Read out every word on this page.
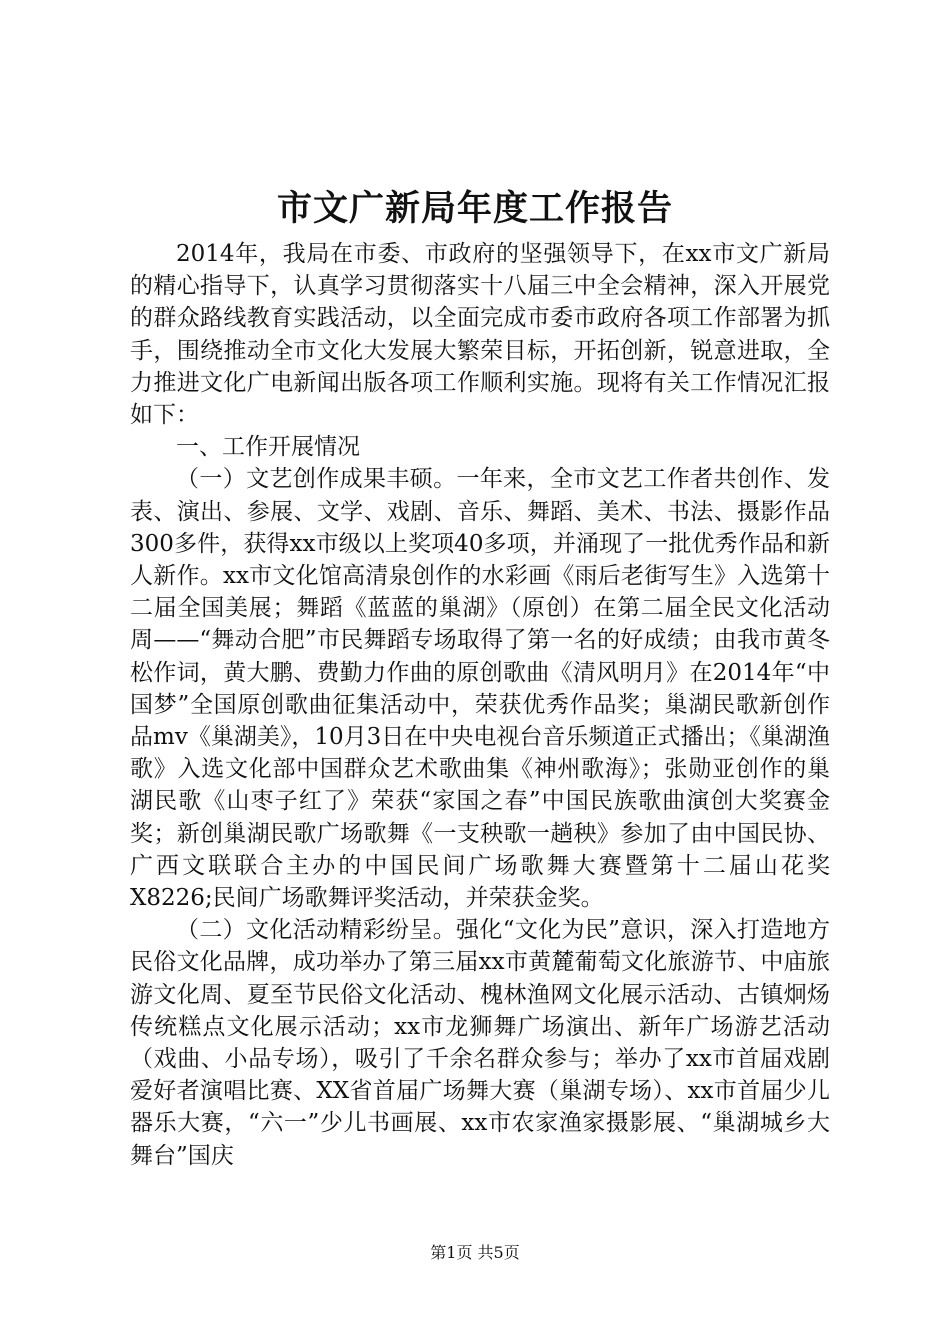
市文广新局年度工作报告

2014年，我局在市委、市政府的坚强领导下，在xx市文广新局的精心指导下，认真学习贯彻落实十八届三中全会精神，深入开展党的群众路线教育实践活动，以全面完成市委市政府各项工作部署为抓手，围绕推动全市文化大发展大繁荣目标，开拓创新，锐意进取，全力推进文化广电新闻出版各项工作顺利实施。现将有关工作情况汇报如下：

一、工作开展情况

（一）文艺创作成果丰硕。一年来，全市文艺工作者共创作、发表、演出、参展、文学、戏剧、音乐、舞蹈、美术、书法、摄影作品300多件，获得xx市级以上奖项40多项，并涌现了一批优秀作品和新人新作。xx市文化馆高清泉创作的水彩画《雨后老街写生》入选第十二届全国美展；舞蹈《蓝蓝的巢湖》（原创）在第二届全民文化活动周——“舞动合肥”市民舞蹈专场取得了第一名的好成绩；由我市黄冬松作词，黄大鹏、费勤力作曲的原创歌曲《清风明月》在2014年“中国梦”全国原创歌曲征集活动中，荣获优秀作品奖；巢湖民歌新创作品mv《巢湖美》，10月3日在中央电视台音乐频道正式播出；《巢湖渔歌》入选文化部中国群众艺术歌曲集《神州歌海》；张勋亚创作的巢湖民歌《山枣子红了》荣获“家国之春”中国民族歌曲演创大奖赛金奖；新创巢湖民歌广场歌舞《一支秧歌一趟秧》参加了由中国民协、广西文联联合主办的中国民间广场歌舞大赛暨第十二届山花奖X8226;民间广场歌舞评奖活动，并荣获金奖。

（二）文化活动精彩纷呈。强化“文化为民”意识，深入打造地方民俗文化品牌，成功举办了第三届xx市黄麓葡萄文化旅游节、中庙旅游文化周、夏至节民俗文化活动、槐林渔网文化展示活动、古镇炯炀传统糕点文化展示活动；xx市龙狮舞广场演出、新年广场游艺活动（戏曲、小品专场），吸引了千余名群众参与；举办了xx市首届戏剧爱好者演唱比赛、XX省首届广场舞大赛（巢湖专场）、xx市首届少儿器乐大赛，“六一”少儿书画展、xx市农家渔家摄影展、“巢湖城乡大舞台”国庆

第1页 共5页
